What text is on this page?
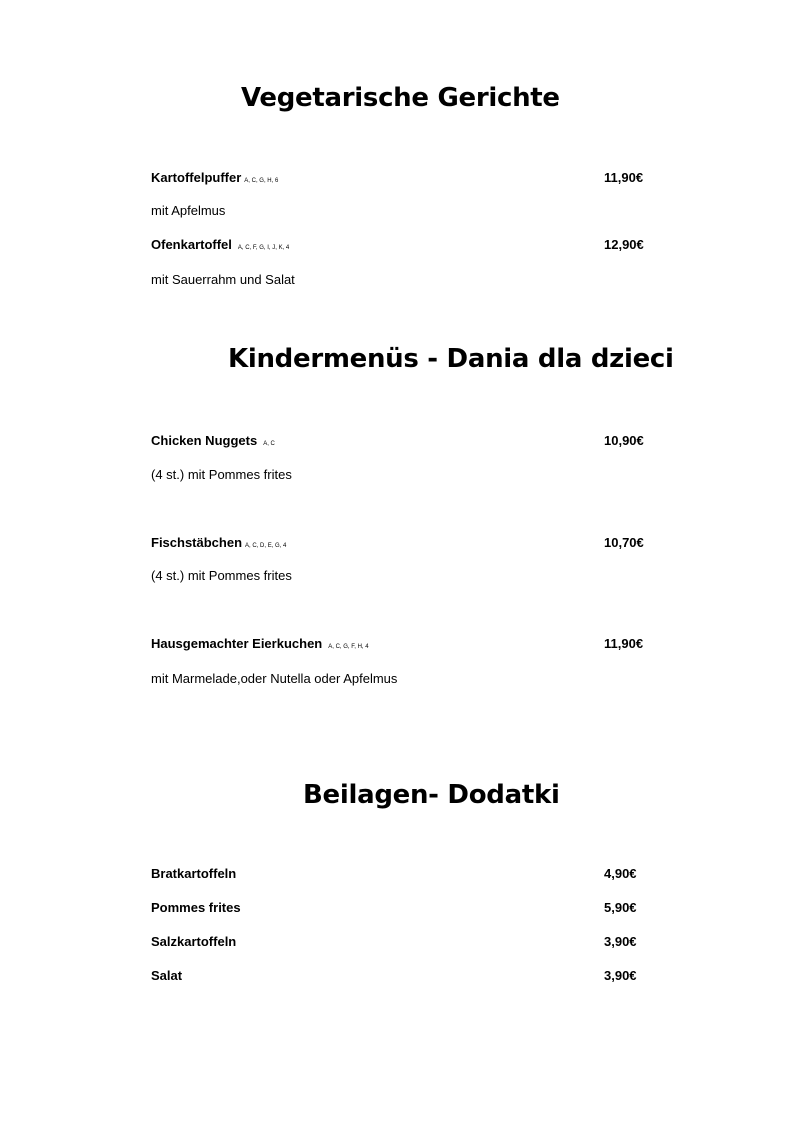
Vegetarische Gerichte
Kartoffelpuffer A, C, G, H, 6	11,90€
mit Apfelmus
Ofenkartoffel A, C, F, G, I, J, K, 4	12,90€
mit Sauerrahm und Salat
Kindermenüs - Dania dla dzieci
Chicken Nuggets A, C	10,90€
(4 st.) mit Pommes frites
Fischstäbchen A, C, D, E, G, 4	10,70€
(4 st.) mit Pommes frites
Hausgemachter Eierkuchen A, C, G, F, H, 4	11,90€
mit Marmelade,oder Nutella oder Apfelmus
Beilagen- Dodatki
Bratkartoffeln	4,90€
Pommes frites	5,90€
Salzkartoffeln	3,90€
Salat	3,90€
